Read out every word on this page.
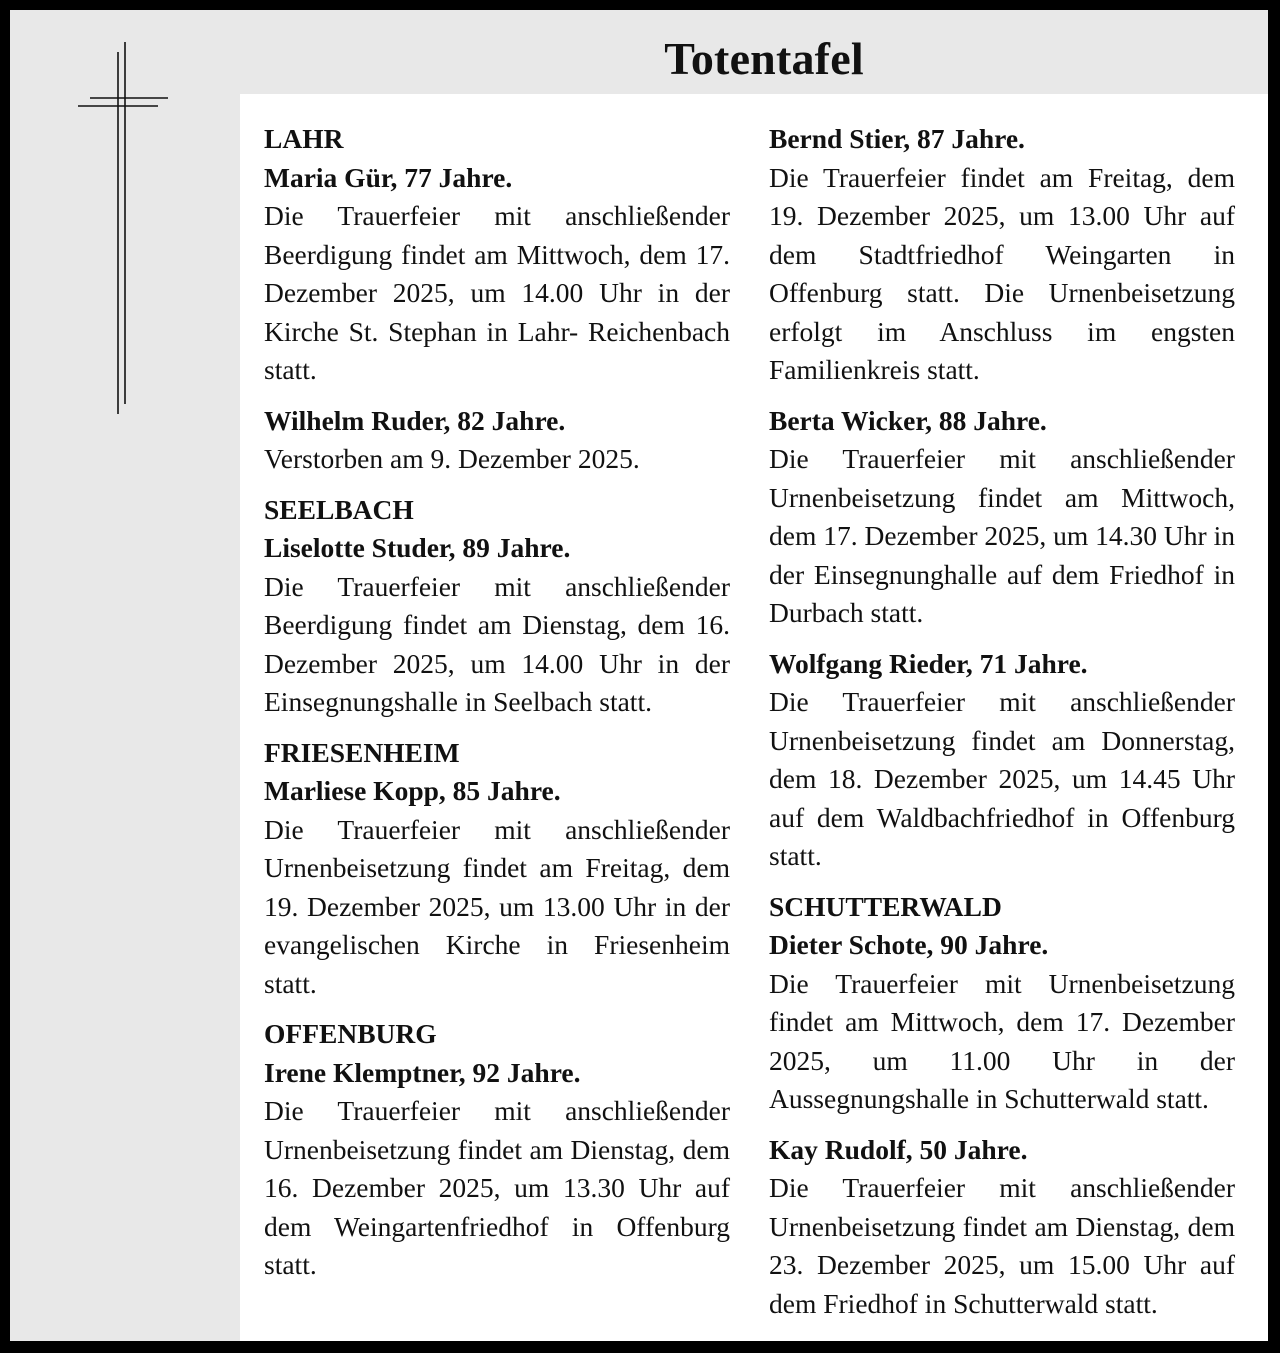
Totentafel
LAHR
Maria Gür, 77 Jahre.
Die Trauerfeier mit anschließender Beerdigung findet am Mittwoch, dem 17. Dezember 2025, um 14.00 Uhr in der Kirche St. Stephan in Lahr- Reichenbach statt.
Wilhelm Ruder, 82 Jahre.
Verstorben am 9. Dezember 2025.
SEELBACH
Liselotte Studer, 89 Jahre.
Die Trauerfeier mit anschließender Beerdigung findet am Dienstag, dem 16. Dezember 2025, um 14.00 Uhr in der Einsegnungshalle in Seelbach statt.
FRIESENHEIM
Marliese Kopp, 85 Jahre.
Die Trauerfeier mit anschließender Urnenbeisetzung findet am Freitag, dem 19. Dezember 2025, um 13.00 Uhr in der evangelischen Kirche in Friesenheim statt.
OFFENBURG
Irene Klemptner, 92 Jahre.
Die Trauerfeier mit anschließender Urnenbeisetzung findet am Dienstag, dem 16. Dezember 2025, um 13.30 Uhr auf dem Weingartenfriedhof in Offenburg statt.
Bernd Stier, 87 Jahre.
Die Trauerfeier findet am Freitag, dem 19. Dezember 2025, um 13.00 Uhr auf dem Stadtfriedhof Weingarten in Offenburg statt. Die Urnenbeisetzung erfolgt im Anschluss im engsten Familienkreis statt.
Berta Wicker, 88 Jahre.
Die Trauerfeier mit anschließender Urnenbeisetzung findet am Mittwoch, dem 17. Dezember 2025, um 14.30 Uhr in der Einsegnunghalle auf dem Friedhof in Durbach statt.
Wolfgang Rieder, 71 Jahre.
Die Trauerfeier mit anschließender Urnenbeisetzung findet am Donnerstag, dem 18. Dezember 2025, um 14.45 Uhr auf dem Waldbachfriedhof in Offenburg statt.
SCHUTTERWALD
Dieter Schote, 90 Jahre.
Die Trauerfeier mit Urnenbeisetzung findet am Mittwoch, dem 17. Dezember 2025, um 11.00 Uhr in der Aussegnungshalle in Schutterwald statt.
Kay Rudolf, 50 Jahre.
Die Trauerfeier mit anschließender Urnenbeisetzung findet am Dienstag, dem 23. Dezember 2025, um 15.00 Uhr auf dem Friedhof in Schutterwald statt.
